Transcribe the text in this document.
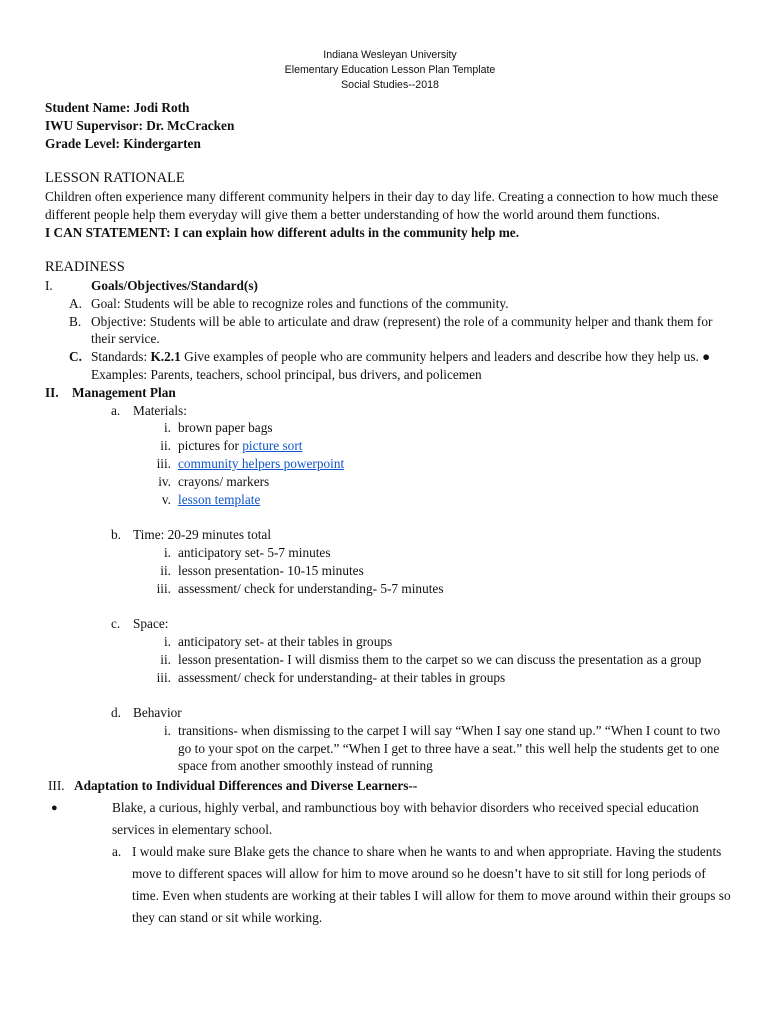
Indiana Wesleyan University
Elementary Education Lesson Plan Template
Social Studies--2018
Student Name: Jodi Roth
IWU Supervisor: Dr. McCracken
Grade Level: Kindergarten
LESSON RATIONALE
Children often experience many different community helpers in their day to day life. Creating a connection to how much these different people help them everyday will give them a better understanding of how the world around them functions.
I CAN STATEMENT: I can explain how different adults in the community help me.
READINESS
I.	Goals/Objectives/Standard(s)
A. Goal: Students will be able to recognize roles and functions of the community.
B. Objective: Students will be able to articulate and draw (represent) the role of a community helper and thank them for their service.
C. Standards: K.2.1 Give examples of people who are community helpers and leaders and describe how they help us. ● Examples: Parents, teachers, school principal, bus drivers, and policemen
II. Management Plan
a. Materials:
i. brown paper bags
ii. pictures for picture sort
iii. community helpers powerpoint
iv. crayons/ markers
v. lesson template
b. Time: 20-29 minutes total
i. anticipatory set- 5-7 minutes
ii. lesson presentation- 10-15 minutes
iii. assessment/ check for understanding- 5-7 minutes
c. Space:
i. anticipatory set- at their tables in groups
ii. lesson presentation- I will dismiss them to the carpet so we can discuss the presentation as a group
iii. assessment/ check for understanding- at their tables in groups
d. Behavior
i. transitions- when dismissing to the carpet I will say “When I say one stand up.” “When I count to two go to your spot on the carpet.” “When I get to three have a seat.” this well help the students get to one space from another smoothly instead of running
III. Adaptation to Individual Differences and Diverse Learners--
●	Blake, a curious, highly verbal, and rambunctious boy with behavior disorders who received special education services in elementary school.
a. I would make sure Blake gets the chance to share when he wants to and when appropriate. Having the students move to different spaces will allow for him to move around so he doesn’t have to sit still for long periods of time. Even when students are working at their tables I will allow for them to move around within their groups so they can stand or sit while working.
